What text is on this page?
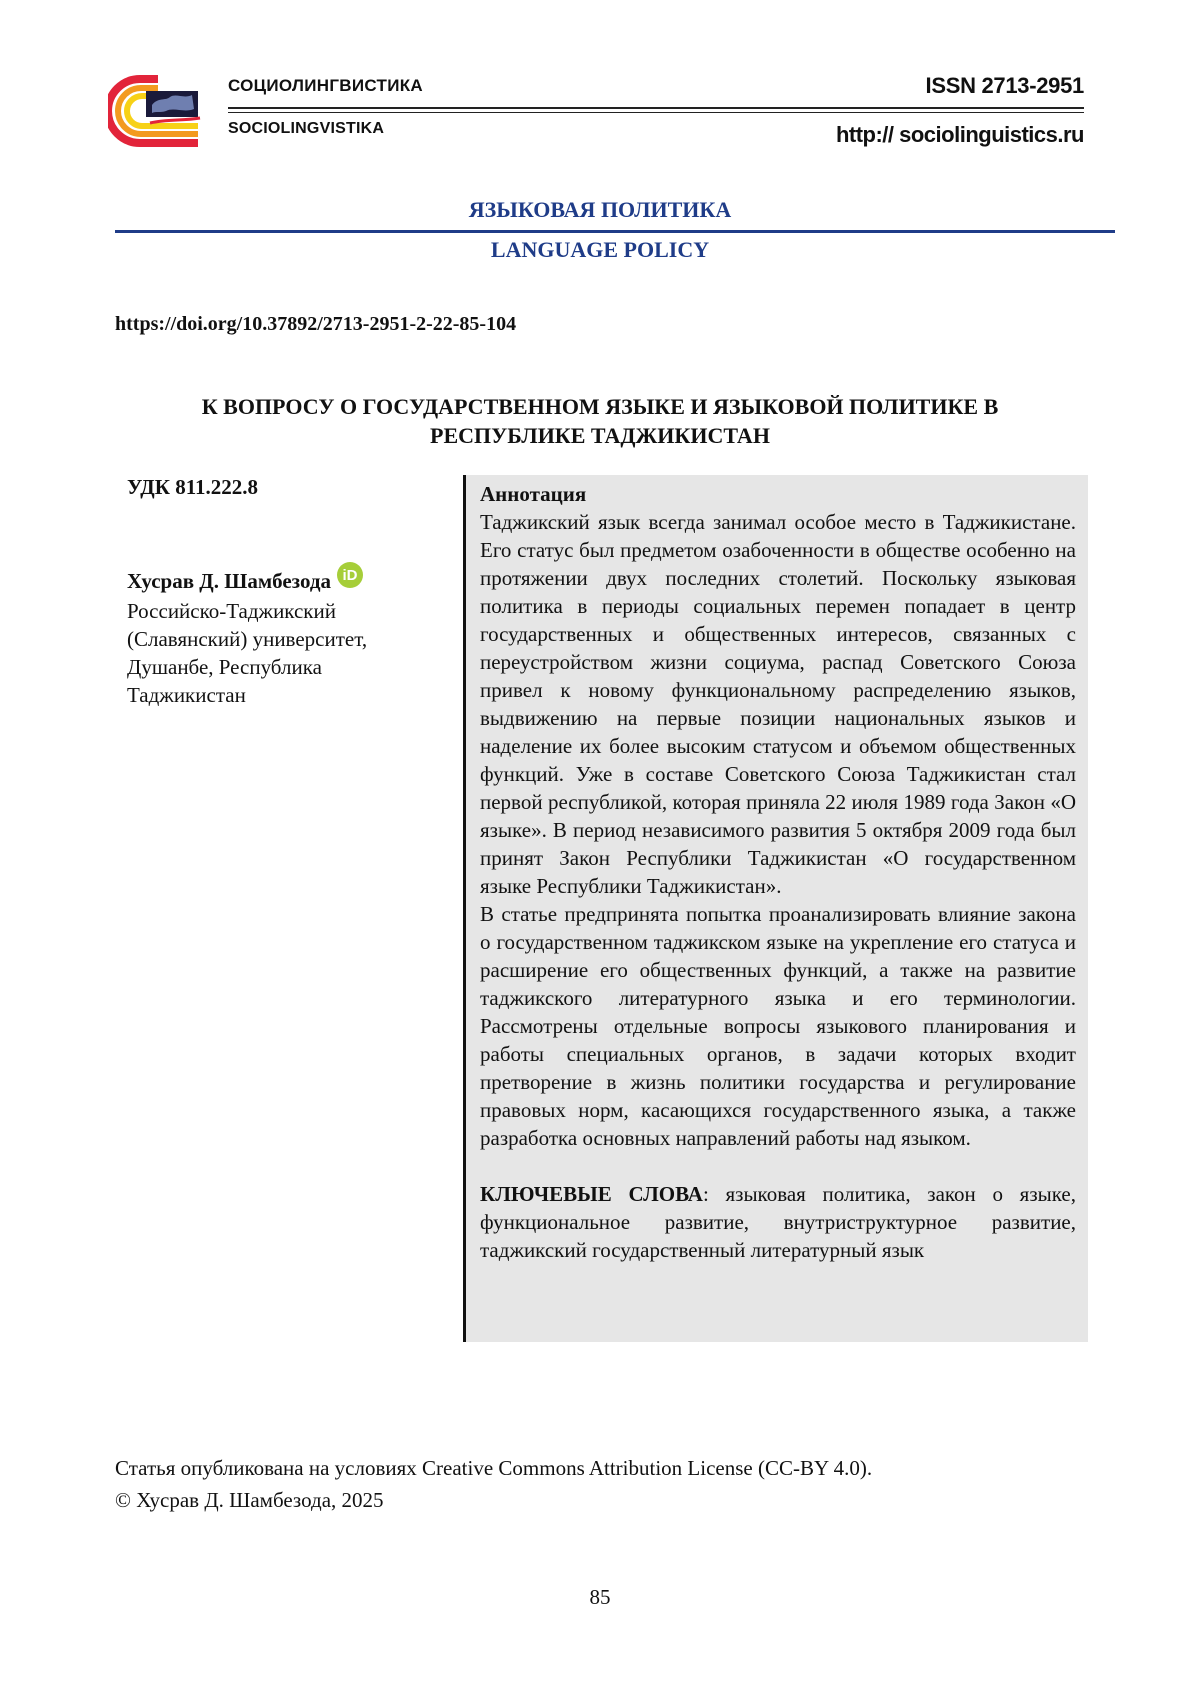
СОЦИОЛИНГВИСТИКА
SOCIOLINGVISTIKA
ISSN 2713-2951
http:// sociolinguistics.ru
ЯЗЫКОВАЯ ПОЛИТИКА
LANGUAGE POLICY
https://doi.org/10.37892/2713-2951-2-22-85-104
К ВОПРОСУ О ГОСУДАРСТВЕННОМ ЯЗЫКЕ И ЯЗЫКОВОЙ ПОЛИТИКЕ В
РЕСПУБЛИКЕ ТАДЖИКИСТАН
УДК 811.222.8
Хусрав Д. Шамбезода iD
Российско-Таджикский
(Славянский) университет,
Душанбе, Республика
Таджикистан

Аннотация

Таджикский язык всегда занимал особое место в Таджикистане. Его статус был предметом озабоченности в обществе особенно на протяжении двух последних столетий. Поскольку языковая политика в периоды социальных перемен попадает в центр государственных и общественных интересов, связанных с переустройством жизни социума, распад Советского Союза привел к новому функциональному распределению языков, выдвижению на первые позиции национальных языков и наделение их более высоким статусом и объемом общественных функций. Уже в составе Советского Союза Таджикистан стал первой республикой, которая приняла 22 июля 1989 года Закон «О языке». В период независимого развития 5 октября 2009 года был принят Закон Республики Таджикистан «О государственном языке Республики Таджикистан».

В статье предпринята попытка проанализировать влияние закона о государственном таджикском языке на укрепление его статуса и расширение его общественных функций, а также на развитие таджикского литературного языка и его терминологии. Рассмотрены отдельные вопросы языкового планирования и работы специальных органов, в задачи которых входит претворение в жизнь политики государства и регулирование правовых норм, касающихся государственного языка, а также разработка основных направлений работы над языком.

КЛЮЧЕВЫЕ СЛОВА: языковая политика, закон о языке, функциональное развитие, внутриструктурное развитие, таджикский государственный литературный язык

Статья опубликована на условиях Creative Commons Attribution License (CC-BY 4.0).
© Хусрав Д. Шамбезода, 2025
85
